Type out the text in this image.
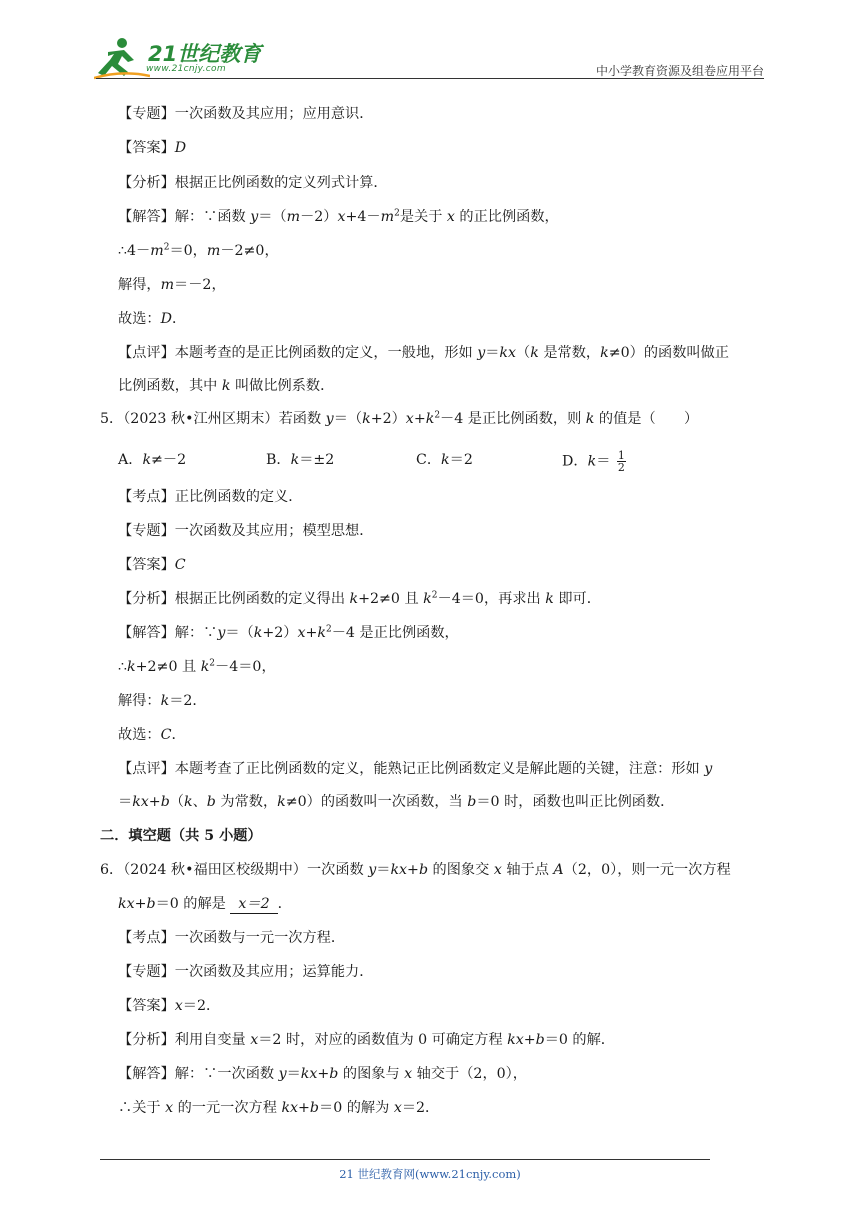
21世纪教育
www.21cnjy.com	中小学教育资源及组卷应用平台
【专题】一次函数及其应用；应用意识．
【答案】D
【分析】根据正比例函数的定义列式计算．
【解答】解：∵函数 $y=(m-2)x+4-m^2$是关于 x 的正比例函数，
$\therefore 4-m^2=0$，m－2≠0，
解得，m＝－2，
故选：D．
【点评】本题考查的是正比例函数的定义，一般地，形如 y＝kx（k 是常数，k≠0）的函数叫做正
比例函数，其中 k 叫做比例系数．
5．（2023 秋•江州区期末）若函数 $y=(k+2)x+k^2-4$ 是正比例函数，则 k 的值是（　　）
A．k≠－2	B．k＝±2	C．k＝2	D．$k= \frac{1}{2}$
【考点】正比例函数的定义．
【专题】一次函数及其应用；模型思想．
【答案】C
【分析】根据正比例函数的定义得出 k+2≠0 且 $k^2-4=0$，再求出 k 即可．
【解答】解：$\because y=(k+2)x+k^2-4$ 是正比例函数，
∴k+2≠0 且 $k^2-4=0$，
解得：k＝2．
故选：C．
【点评】本题考查了正比例函数的定义，能熟记正比例函数定义是解此题的关键，注意：形如 y
＝kx+b（k、b 为常数，k≠0）的函数叫一次函数，当 b＝0 时，函数也叫正比例函数．
二．填空题（共 5 小题）
6．（2024 秋•福田区校级期中）一次函数 y＝kx+b 的图象交 x 轴于点 A（2，0），则一元一次方程
kx+b＝0 的解是 x＝2 ．
【考点】一次函数与一元一次方程．
【专题】一次函数及其应用；运算能力．
【答案】x＝2．
【分析】利用自变量 x＝2 时，对应的函数值为 0 可确定方程 kx+b＝0 的解．
【解答】解：∵一次函数 y＝kx+b 的图象与 x 轴交于（2，0），
∴关于 x 的一元一次方程 kx+b＝0 的解为 x＝2．
21 世纪教育网(www.21cnjy.com)
